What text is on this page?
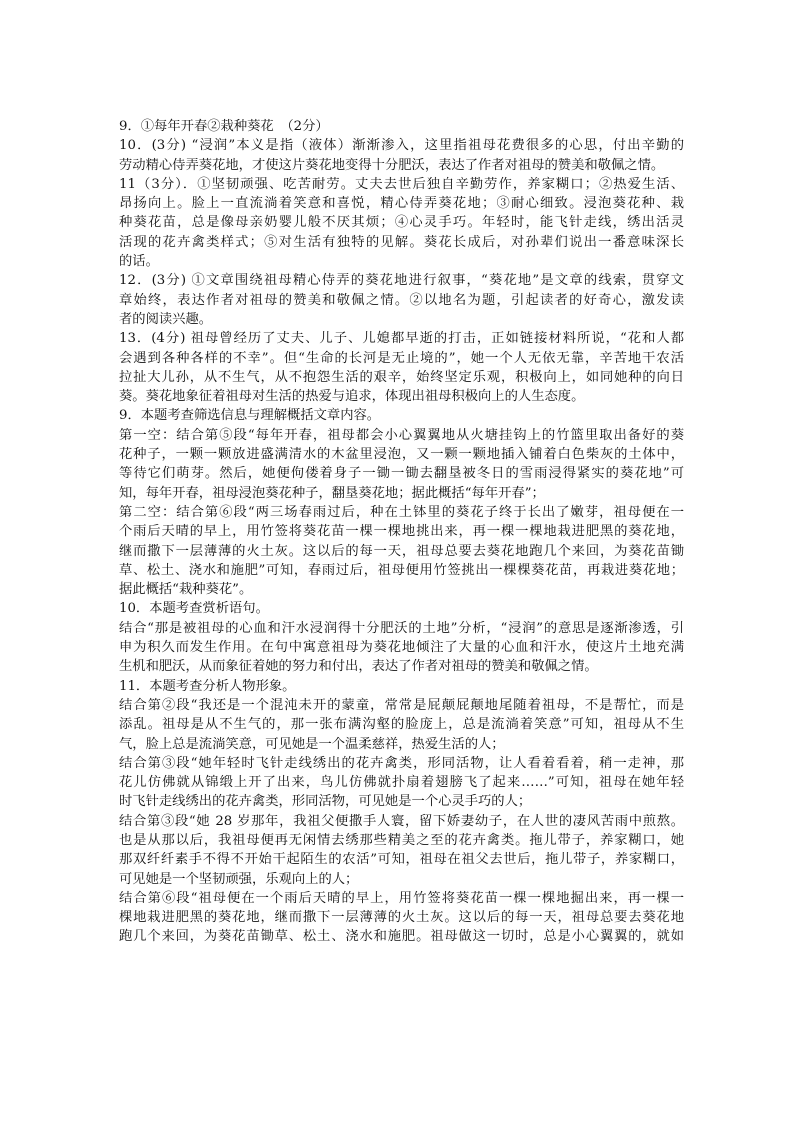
9．①每年开春②栽种葵花　（2分）

10．(3分) “浸润”本义是指（液体）渐渐渗入，这里指祖母花费很多的心思，付出辛勤的

劳动精心侍弄葵花地，才使这片葵花地变得十分肥沃，表达了作者对祖母的赞美和敬佩之情。

11（3分）．①坚韧顽强、吃苦耐劳。丈夫去世后独自辛勤劳作，养家糊口；②热爱生活、

昂扬向上。脸上一直流淌着笑意和喜悦，精心侍弄葵花地；③耐心细致。浸泡葵花种、栽

种葵花苗，总是像母亲奶婴儿般不厌其烦；④心灵手巧。年轻时，能飞针走线，绣出活灵

活现的花卉禽类样式；⑤对生活有独特的见解。葵花长成后，对孙辈们说出一番意味深长

的话。

12．(3分) ①文章围绕祖母精心侍弄的葵花地进行叙事，“葵花地”是文章的线索，贯穿文

章始终，表达作者对祖母的赞美和敬佩之情。②以地名为题，引起读者的好奇心，激发读

者的阅读兴趣。

13．(4分) 祖母曾经历了丈夫、儿子、儿媳都早逝的打击，正如链接材料所说，“花和人都

会遇到各种各样的不幸”。但“生命的长河是无止境的”，她一个人无依无靠，辛苦地干农活

拉扯大儿孙，从不生气，从不抱怨生活的艰辛，始终坚定乐观，积极向上，如同她种的向日

葵。葵花地象征着祖母对生活的热爱与追求，体现出祖母积极向上的人生态度。

9．本题考查筛选信息与理解概括文章内容。

第一空：结合第⑤段“每年开春，祖母都会小心翼翼地从火塘挂钩上的竹篮里取出备好的葵

花种子，一颗一颗放进盛满清水的木盆里浸泡，又一颗一颗地插入铺着白色柴灰的土体中，

等待它们萌芽。然后，她便佝偻着身子一锄一锄去翻垦被冬日的雪雨浸得紧实的葵花地”可

知，每年开春，祖母浸泡葵花种子，翻垦葵花地；据此概括“每年开春”；

第二空：结合第⑥段“两三场春雨过后，种在土钵里的葵花子终于长出了嫩芽，祖母便在一

个雨后天晴的早上，用竹签将葵花苗一棵一棵地挑出来，再一棵一棵地栽进肥黑的葵花地，

继而撒下一层薄薄的火土灰。这以后的每一天，祖母总要去葵花地跑几个来回，为葵花苗锄

草、松土、浇水和施肥”可知，春雨过后，祖母便用竹签挑出一棵棵葵花苗，再栽进葵花地；

据此概括“栽种葵花”。

10．本题考查赏析语句。

结合“那是被祖母的心血和汗水浸润得十分肥沃的土地”分析，“浸润”的意思是逐渐渗透，引

申为积久而发生作用。在句中寓意祖母为葵花地倾注了大量的心血和汗水，使这片土地充满

生机和肥沃，从而象征着她的努力和付出，表达了作者对祖母的赞美和敬佩之情。

11．本题考查分析人物形象。

结合第②段“我还是一个混沌未开的蒙童，常常是屁颠屁颠地尾随着祖母，不是帮忙，而是

添乱。祖母是从不生气的，那一张布满沟壑的脸庞上，总是流淌着笑意”可知，祖母从不生

气，脸上总是流淌笑意，可见她是一个温柔慈祥，热爱生活的人；

结合第③段“她年轻时飞针走线绣出的花卉禽类，形同活物，让人看着看着，稍一走神，那

花儿仿佛就从锦缎上开了出来，鸟儿仿佛就扑扇着翅膀飞了起来……”可知，祖母在她年轻

时飞针走线绣出的花卉禽类，形同活物，可见她是一个心灵手巧的人；

结合第③段“她 28 岁那年，我祖父便撒手人寰，留下娇妻幼子，在人世的凄风苦雨中煎熬。

也是从那以后，我祖母便再无闲情去绣那些精美之至的花卉禽类。拖儿带子，养家糊口，她

那双纤纤素手不得不开始干起陌生的农活”可知，祖母在祖父去世后，拖儿带子，养家糊口，

可见她是一个坚韧顽强，乐观向上的人；

结合第⑥段“祖母便在一个雨后天晴的早上，用竹签将葵花苗一棵一棵地掘出来，再一棵一

棵地栽进肥黑的葵花地，继而撒下一层薄薄的火土灰。这以后的每一天，祖母总要去葵花地

跑几个来回，为葵花苗锄草、松土、浇水和施肥。祖母做这一切时，总是小心翼翼的，就如
